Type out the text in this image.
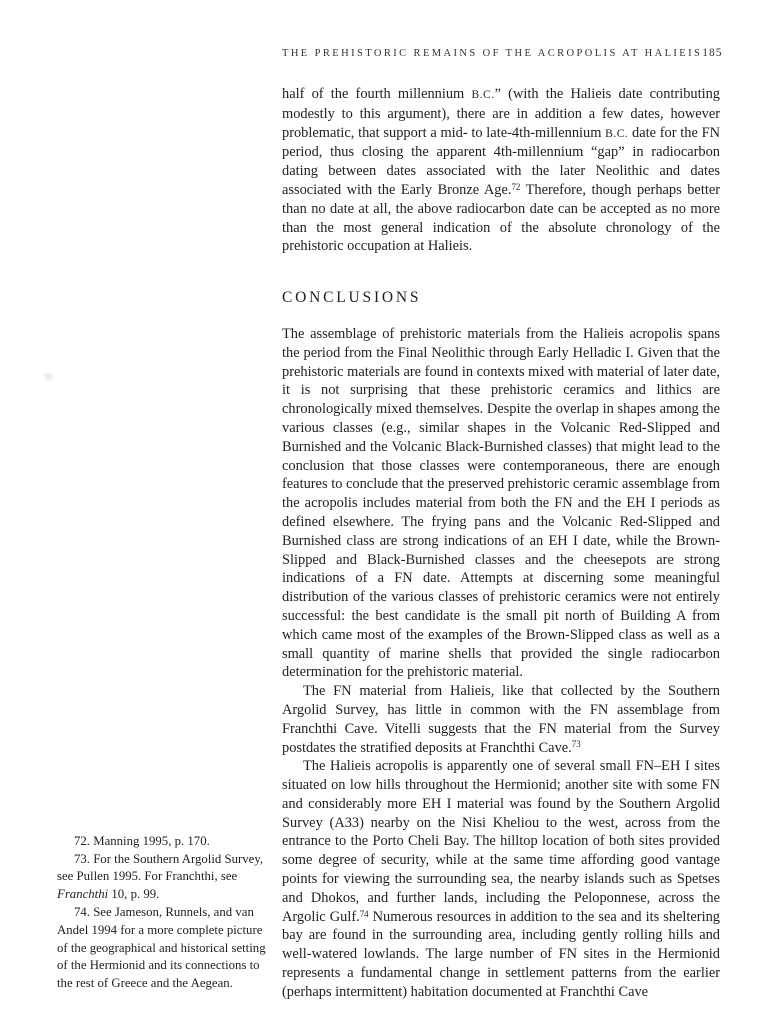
THE PREHISTORIC REMAINS OF THE ACROPOLIS AT HALIEIS 185

72. Manning 1995, p. 170.

73. For the Southern Argolid Survey, see Pullen 1995. For Franchthi, see Franchthi 10, p. 99.

74. See Jameson, Runnels, and van Andel 1994 for a more complete picture of the geographical and historical setting of the Hermionid and its connections to the rest of Greece and the Aegean.

half of the fourth millennium B.C.” (with the Halieis date contributing modestly to this argument), there are in addition a few dates, however problematic, that support a mid- to late-4th-millennium B.C. date for the FN period, thus closing the apparent 4th-millennium “gap” in radiocarbon dating between dates associated with the later Neolithic and dates associated with the Early Bronze Age.$^{72}$ Therefore, though perhaps better than no date at all, the above radiocarbon date can be accepted as no more than the most general indication of the absolute chronology of the prehistoric occupation at Halieis.

CONCLUSIONS

The assemblage of prehistoric materials from the Halieis acropolis spans the period from the Final Neolithic through Early Helladic I. Given that the prehistoric materials are found in contexts mixed with material of later date, it is not surprising that these prehistoric ceramics and lithics are chronologically mixed themselves. Despite the overlap in shapes among the various classes (e.g., similar shapes in the Volcanic Red-Slipped and Burnished and the Volcanic Black-Burnished classes) that might lead to the conclusion that those classes were contemporaneous, there are enough features to conclude that the preserved prehistoric ceramic assemblage from the acropolis includes material from both the FN and the EH I periods as defined elsewhere. The frying pans and the Volcanic Red-Slipped and Burnished class are strong indications of an EH I date, while the Brown-Slipped and Black-Burnished classes and the cheesepots are strong indications of a FN date. Attempts at discerning some meaningful distribution of the various classes of prehistoric ceramics were not entirely successful: the best candidate is the small pit north of Building A from which came most of the examples of the Brown-Slipped class as well as a small quantity of marine shells that provided the single radiocarbon determination for the prehistoric material.

The FN material from Halieis, like that collected by the Southern Argolid Survey, has little in common with the FN assemblage from Franchthi Cave. Vitelli suggests that the FN material from the Survey postdates the stratified deposits at Franchthi Cave.$^{73}$

The Halieis acropolis is apparently one of several small FN–EH I sites situated on low hills throughout the Hermionid; another site with some FN and considerably more EH I material was found by the Southern Argolid Survey (A33) nearby on the Nisi Kheliou to the west, across from the entrance to the Porto Cheli Bay. The hilltop location of both sites provided some degree of security, while at the same time affording good vantage points for viewing the surrounding sea, the nearby islands such as Spetses and Dhokos, and further lands, including the Peloponnese, across the Argolic Gulf.$^{74}$ Numerous resources in addition to the sea and its sheltering bay are found in the surrounding area, including gently rolling hills and well-watered lowlands. The large number of FN sites in the Hermionid represents a fundamental change in settlement patterns from the earlier (perhaps intermittent) habitation documented at Franchthi Cave
